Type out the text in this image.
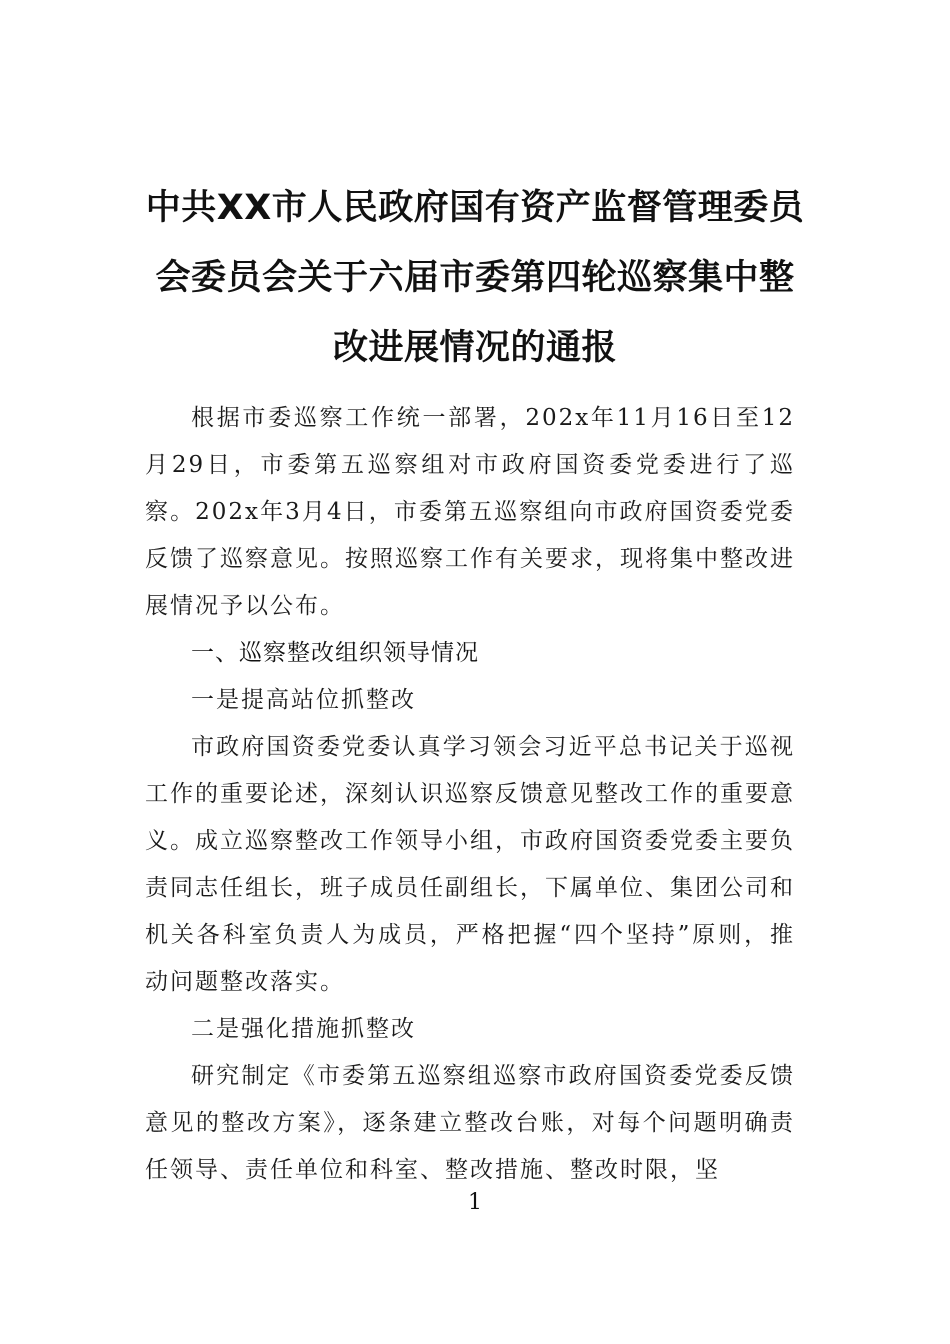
中共XX市人民政府国有资产监督管理委员
会委员会关于六届市委第四轮巡察集中整
改进展情况的通报

根据市委巡察工作统一部署，202x年11月16日至12月29日，市委第五巡察组对市政府国资委党委进行了巡察。202x年3月4日，市委第五巡察组向市政府国资委党委反馈了巡察意见。按照巡察工作有关要求，现将集中整改进展情况予以公布。

一、巡察整改组织领导情况

一是提高站位抓整改

市政府国资委党委认真学习领会习近平总书记关于巡视工作的重要论述，深刻认识巡察反馈意见整改工作的重要意义。成立巡察整改工作领导小组，市政府国资委党委主要负责同志任组长，班子成员任副组长，下属单位、集团公司和机关各科室负责人为成员，严格把握“四个坚持”原则，推动问题整改落实。

二是强化措施抓整改

研究制定《市委第五巡察组巡察市政府国资委党委反馈意见的整改方案》，逐条建立整改台账，对每个问题明确责任领导、责任单位和科室、整改措施、整改时限，坚

1
